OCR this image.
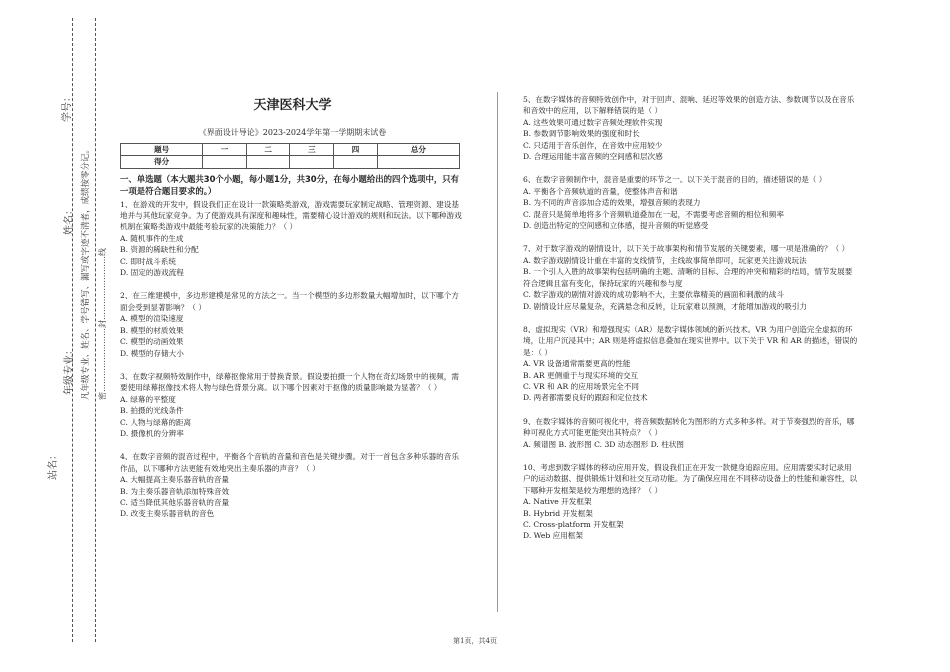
学号：
姓名：
年级专业：
站名：
凡年级专业、姓名、学号错写、漏写或字迹不清者，成绩按零分记。 密……………………封……………………线
天津医科大学
《界面设计导论》2023-2024学年第一学期期末试卷
题号	一	二	三	四	总分
得分					
一、单选题（本大题共30个小题，每小题1分，共30分，在每小题给出的四个选项中，只有一项是符合题目要求的。）
1、在游戏的开发中，假设我们正在设计一款策略类游戏，游戏需要玩家制定战略、管理资源、建设基地并与其他玩家竞争。为了使游戏具有深度和趣味性，需要精心设计游戏的规则和玩法。以下哪种游戏机制在策略类游戏中最能考验玩家的决策能力？（ ）
A. 随机事件的生成
B. 资源的稀缺性和分配
C. 即时战斗系统
D. 固定的游戏流程
2、在三维建模中，多边形建模是常见的方法之一。当一个模型的多边形数量大幅增加时，以下哪个方面会受到显著影响？（ ）
A. 模型的渲染速度
B. 模型的材质效果
C. 模型的动画效果
D. 模型的存储大小
3、在数字视频特效制作中，绿幕抠像常用于替换背景。假设要拍摄一个人物在奇幻场景中的视频，需要使用绿幕抠像技术将人物与绿色背景分离。以下哪个因素对于抠像的质量影响最为显著？（ ）
A. 绿幕的平整度
B. 拍摄的光线条件
C. 人物与绿幕的距离
D. 摄像机的分辨率
4、在数字音频的混音过程中，平衡各个音轨的音量和音色是关键步骤。对于一首包含多种乐器的音乐作品，以下哪种方法更能有效地突出主奏乐器的声音？（ ）
A. 大幅提高主奏乐器音轨的音量
B. 为主奏乐器音轨添加特殊音效
C. 适当降低其他乐器音轨的音量
D. 改变主奏乐器音轨的音色
5、在数字媒体的音频特效创作中，对于回声、混响、延迟等效果的创造方法、参数调节以及在音乐和音效中的应用，以下解释错误的是（ ）
A. 这些效果可通过数字音频处理软件实现
B. 参数调节影响效果的强度和时长
C. 只适用于音乐创作，在音效中应用较少
D. 合理运用能丰富音频的空间感和层次感
6、在数字音频制作中，混音是重要的环节之一。以下关于混音的目的，描述错误的是（ ）
A. 平衡各个音频轨道的音量，使整体声音和谐
B. 为不同的声音添加合适的效果，增强音频的表现力
C. 混音只是简单地将多个音频轨道叠加在一起，不需要考虑音频的相位和频率
D. 创造出特定的空间感和立体感，提升音频的听觉感受
7、对于数字游戏的剧情设计，以下关于故事架构和情节发展的关键要素，哪一项是准确的？（ ）
A. 数字游戏剧情设计重在丰富的支线情节，主线故事简单即可，玩家更关注游戏玩法
B. 一个引人入胜的故事架构包括明确的主题、清晰的目标、合理的冲突和精彩的结局，情节发展要符合逻辑且富有变化，保持玩家的兴趣和参与度
C. 数字游戏的剧情对游戏的成功影响不大，主要依靠精美的画面和刺激的战斗
D. 剧情设计应尽量复杂，充满悬念和反转，让玩家难以预测，才能增加游戏的吸引力
8、虚拟现实（VR）和增强现实（AR）是数字媒体领域的新兴技术。VR 为用户创造完全虚拟的环境，让用户沉浸其中；AR 则是将虚拟信息叠加在现实世界中。以下关于 VR 和 AR 的描述，错误的是：（ ）
A. VR 设备通常需要更高的性能
B. AR 更侧重于与现实环境的交互
C. VR 和 AR 的应用场景完全不同
D. 两者都需要良好的跟踪和定位技术
9、在数字媒体的音频可视化中，将音频数据转化为图形的方式多种多样。对于节奏强烈的音乐，哪种可视化方式可能更能突出其特点？（ ）
A. 频谱图 B. 波形图 C. 3D 动态图形 D. 柱状图
10、考虑到数字媒体的移动应用开发，假设我们正在开发一款健身追踪应用。应用需要实时记录用户的运动数据、提供锻炼计划和社交互动功能。为了确保应用在不同移动设备上的性能和兼容性，以下哪种开发框架是较为理想的选择？（ ）
A. Native 开发框架
B. Hybrid 开发框架
C. Cross-platform 开发框架
D. Web 应用框架
第1页，共4页
